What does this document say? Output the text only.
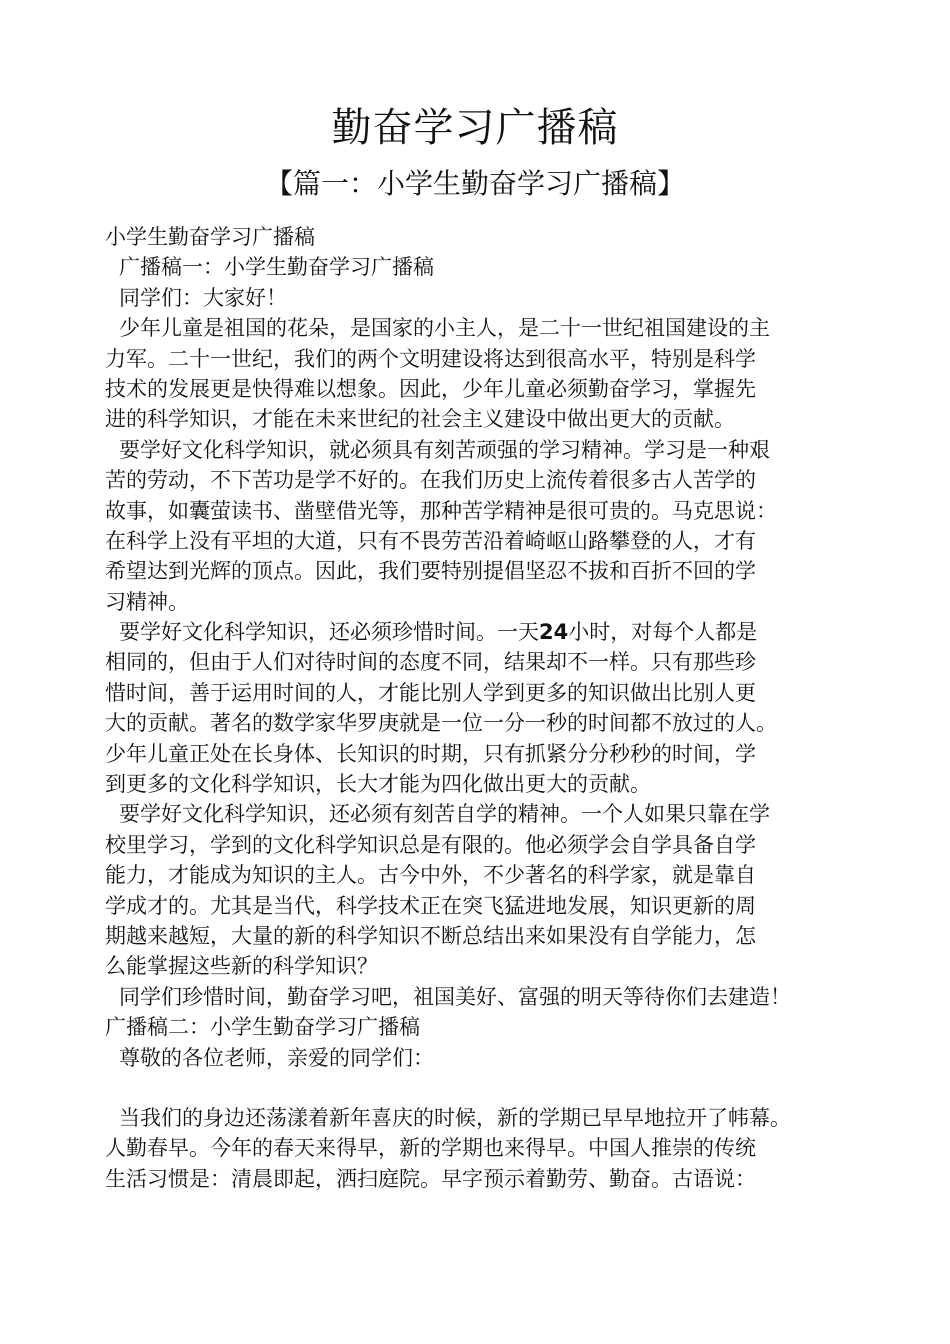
勤奋学习广播稿
【篇一：小学生勤奋学习广播稿】
小学生勤奋学习广播稿
广播稿一：小学生勤奋学习广播稿
同学们：大家好！
少年儿童是祖国的花朵，是国家的小主人，是二十一世纪祖国建设的主
力军。二十一世纪，我们的两个文明建设将达到很高水平，特别是科学
技术的发展更是快得难以想象。因此，少年儿童必须勤奋学习，掌握先
进的科学知识，才能在未来世纪的社会主义建设中做出更大的贡献。
要学好文化科学知识，就必须具有刻苦顽强的学习精神。学习是一种艰
苦的劳动，不下苦功是学不好的。在我们历史上流传着很多古人苦学的
故事，如囊萤读书、凿壁借光等，那种苦学精神是很可贵的。马克思说：
在科学上没有平坦的大道，只有不畏劳苦沿着崎岖山路攀登的人，才有
希望达到光辉的顶点。因此，我们要特别提倡坚忍不拔和百折不回的学
习精神。
要学好文化科学知识，还必须珍惜时间。一天24小时，对每个人都是
相同的，但由于人们对待时间的态度不同，结果却不一样。只有那些珍
惜时间，善于运用时间的人，才能比别人学到更多的知识做出比别人更
大的贡献。著名的数学家华罗庚就是一位一分一秒的时间都不放过的人。
少年儿童正处在长身体、长知识的时期，只有抓紧分分秒秒的时间，学
到更多的文化科学知识，长大才能为四化做出更大的贡献。
要学好文化科学知识，还必须有刻苦自学的精神。一个人如果只靠在学
校里学习，学到的文化科学知识总是有限的。他必须学会自学具备自学
能力，才能成为知识的主人。古今中外，不少著名的科学家，就是靠自
学成才的。尤其是当代，科学技术正在突飞猛进地发展，知识更新的周
期越来越短，大量的新的科学知识不断总结出来如果没有自学能力，怎
么能掌握这些新的科学知识？
同学们珍惜时间，勤奋学习吧，祖国美好、富强的明天等待你们去建造！
广播稿二：小学生勤奋学习广播稿
尊敬的各位老师，亲爱的同学们：
当我们的身边还荡漾着新年喜庆的时候，新的学期已早早地拉开了帏幕。
人勤春早。今年的春天来得早，新的学期也来得早。中国人推崇的传统
生活习惯是：清晨即起，洒扫庭院。早字预示着勤劳、勤奋。古语说：
